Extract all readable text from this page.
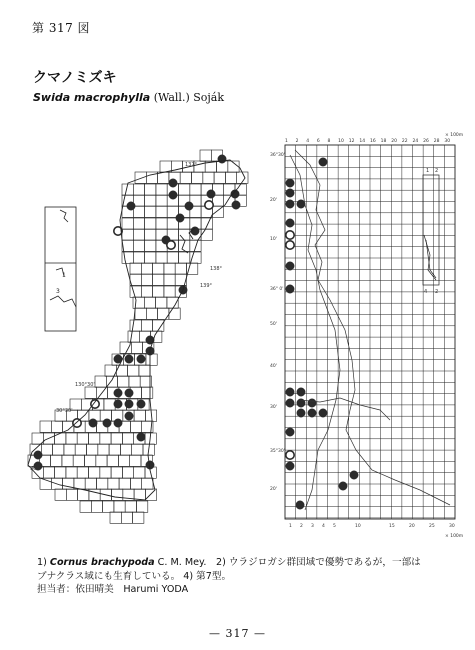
第 317 図
クマノミズキ
Swida macrophylla (Wall.) Soják
1
3
137°
138°
139°
130°30'
30°30'
30°
1 2
4 2
× 100m
× 100m
1 2 4 6 8 10 12 14 16 18 20 22 24 26 28 30
1 2 3 4 5	10	15	20	25	30
36°30'
20'
10'
36° 0'
50'
40'
30'
35°30'
20'
1) Cornus brachypoda C. M. Mey.　2) ウラジロガシ群団域で優勢であるが，一部は
ブナクラス域にも生育している。 4) 第7型。
担当者：依田晴美　Harumi YODA
— 317 —
